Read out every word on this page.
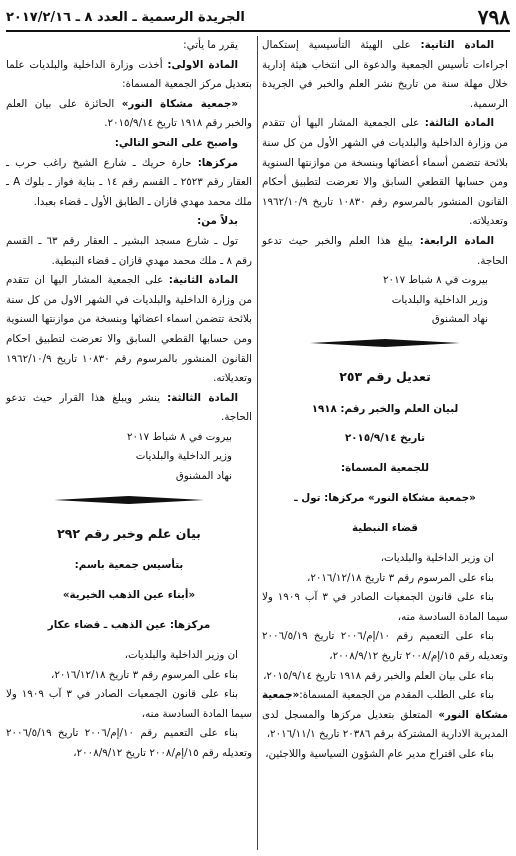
٧٩٨
الجريدة الرسمية ـ العدد ٨ ـ ٢٠١٧/٢/١٦

المادة الثانية: على الهيئة التأسيسية إستكمال اجراءات تأسيس الجمعية والدعوة الى انتخاب هيئة إدارية خلال مهلة سنة من تاريخ نشر العلم والخبر في الجريدة الرسمية.

المادة الثالثة: على الجمعية المشار اليها أن تتقدم من وزارة الداخلية والبلديات في الشهر الأول من كل سنة بلائحة تتضمن أسماء أعضائها وبنسخة من موازنتها السنوية ومن حسابها القطعي السابق والا تعرضت لتطبيق أحكام القانون المنشور بالمرسوم رقم ١٠٨٣٠ تاريخ ١٩٦٢/١٠/٩ وتعديلاته.

المادة الرابعة: يبلغ هذا العلم والخبر حيث تدعو الحاجة.

بيروت في ٨ شباط ٢٠١٧

وزير الداخلية والبلديات

نهاد المشنوق

تعديل رقم ٢٥٣

لبيان العلم والخبر رقم: ١٩١٨

تاريخ ٢٠١٥/٩/١٤

للجمعية المسماة:

«جمعية مشكاة النور» مركزها: تول ـ

قضاء النبطية

ان وزير الداخلية والبلديات،

بناء على المرسوم رقم ٣ تاريخ ٢٠١٦/١٢/١٨،

بناء على قانون الجمعيات الصادر في ٣ آب ١٩٠٩ ولا سيما المادة السادسة منه،

بناء على التعميم رقم ١٠/إم/٢٠٠٦ تاريخ ٢٠٠٦/٥/١٩ وتعديله رقم ١٥/إم/٢٠٠٨ تاريخ ٢٠٠٨/٩/١٢،

بناء على بيان العلم والخبر رقم ١٩١٨ تاريخ ٢٠١٥/٩/١٤،

بناء على الطلب المقدم من الجمعية المسماة:«جمعية مشكاة النور» المتعلق بتعديل مركزها والمسجل لدى المديرية الادارية المشتركة برقم ٢٠٣٨٦ تاريخ ٢٠١٦/١١/١،

بناء على اقتراح مدير عام الشؤون السياسية واللاجئين،

يقرر ما يأتي:

المادة الاولى: أخذت وزارة الداخلية والبلديات علما بتعديل مركز الجمعية المسماة:

«جمعية مشكاة النور» الحائزة على بيان العلم والخبر رقم ١٩١٨ تاريخ ٢٠١٥/٩/١٤.

واصبح على النحو التالي:

مركزها: حارة حريك ـ شارع الشيخ راغب حرب ـ العقار رقم ٢٥٢٣ ـ القسم رقم ١٤ ـ بناية فواز ـ بلوك A ـ ملك محمد مهدي قازان ـ الطابق الأول ـ قضاء بعبدا.

بدلاً من:

تول ـ شارع مسجد البشير ـ العقار رقم ٦٣ ـ القسم رقم ٨ ـ ملك محمد مهدي قازان ـ قضاء النبطية.

المادة الثانية: على الجمعية المشار اليها ان تتقدم من وزارة الداخلية والبلديات في الشهر الاول من كل سنة بلائحة تتضمن اسماء اعضائها وبنسخة من موازنتها السنوية ومن حسابها القطعي السابق والا تعرضت لتطبيق احكام القانون المنشور بالمرسوم رقم ١٠٨٣٠ تاريخ ١٩٦٢/١٠/٩ وتعديلاته.

المادة الثالثة: ينشر ويبلغ هذا القرار حيث تدعو الحاجة.

بيروت في ٨ شباط ٢٠١٧

وزير الداخلية والبلديات

نهاد المشنوق

بيان علم وخبر رقم ٢٩٢

بتأسيس جمعية باسم:

«أبناء عين الذهب الخيرية»

مركزها: عين الذهب ـ قضاء عكار

ان وزير الداخلية والبلديات،

بناء على المرسوم رقم ٣ تاريخ ٢٠١٦/١٢/١٨،

بناء على قانون الجمعيات الصادر في ٣ آب ١٩٠٩ ولا سيما المادة السادسة منه،

بناء على التعميم رقم ١٠/إم/٢٠٠٦ تاريخ ٢٠٠٦/٥/١٩ وتعديله رقم ١٥/إم/٢٠٠٨ تاريخ ٢٠٠٨/٩/١٢،
